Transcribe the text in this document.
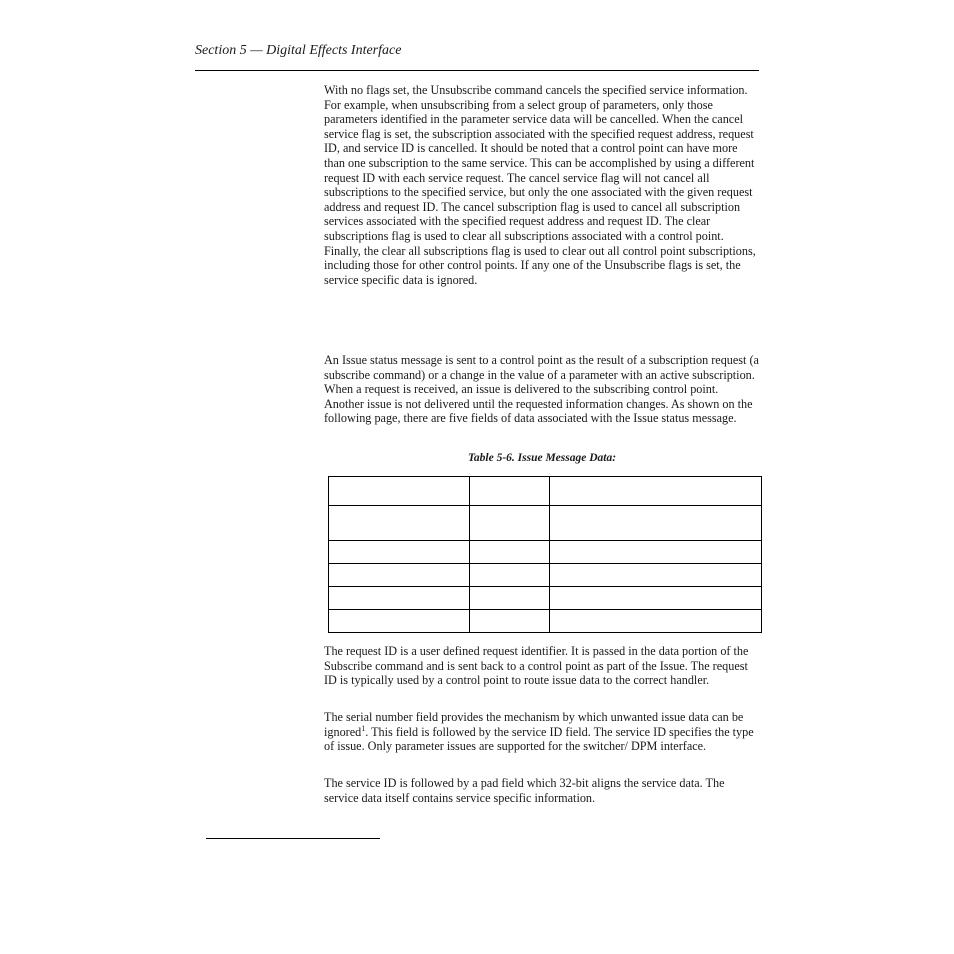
Section 5 — Digital Effects Interface

With no flags set, the Unsubscribe command cancels the specified service information. For example, when unsubscribing from a select group of parameters, only those parameters identified in the parameter service data will be cancelled. When the cancel service flag is set, the subscription associated with the specified request address, request ID, and service ID is cancelled. It should be noted that a control point can have more than one subscription to the same service. This can be accomplished by using a different request ID with each service request. The cancel service flag will not cancel all subscriptions to the specified service, but only the one associated with the given request address and request ID. The cancel subscription flag is used to cancel all subscription services associated with the specified request address and request ID. The clear subscriptions flag is used to clear all subscriptions associated with a control point. Finally, the clear all subscriptions flag is used to clear out all control point subscriptions, including those for other control points. If any one of the Unsubscribe flags is set, the service specific data is ignored.

An Issue status message is sent to a control point as the result of a subscription request (a subscribe command) or a change in the value of a parameter with an active subscription. When a request is received, an issue is delivered to the subscribing control point. Another issue is not delivered until the requested information changes. As shown on the following page, there are five fields of data associated with the Issue status message.

Table 5-6. Issue Message Data:

The request ID is a user defined request identifier. It is passed in the data portion of the Subscribe command and is sent back to a control point as part of the Issue. The request ID is typically used by a control point to route issue data to the correct handler.

The serial number field provides the mechanism by which unwanted issue data can be ignored$^1$. This field is followed by the service ID field. The service ID specifies the type of issue. Only parameter issues are supported for the switcher/ DPM interface.

The service ID is followed by a pad field which 32-bit aligns the service data. The service data itself contains service specific information.
